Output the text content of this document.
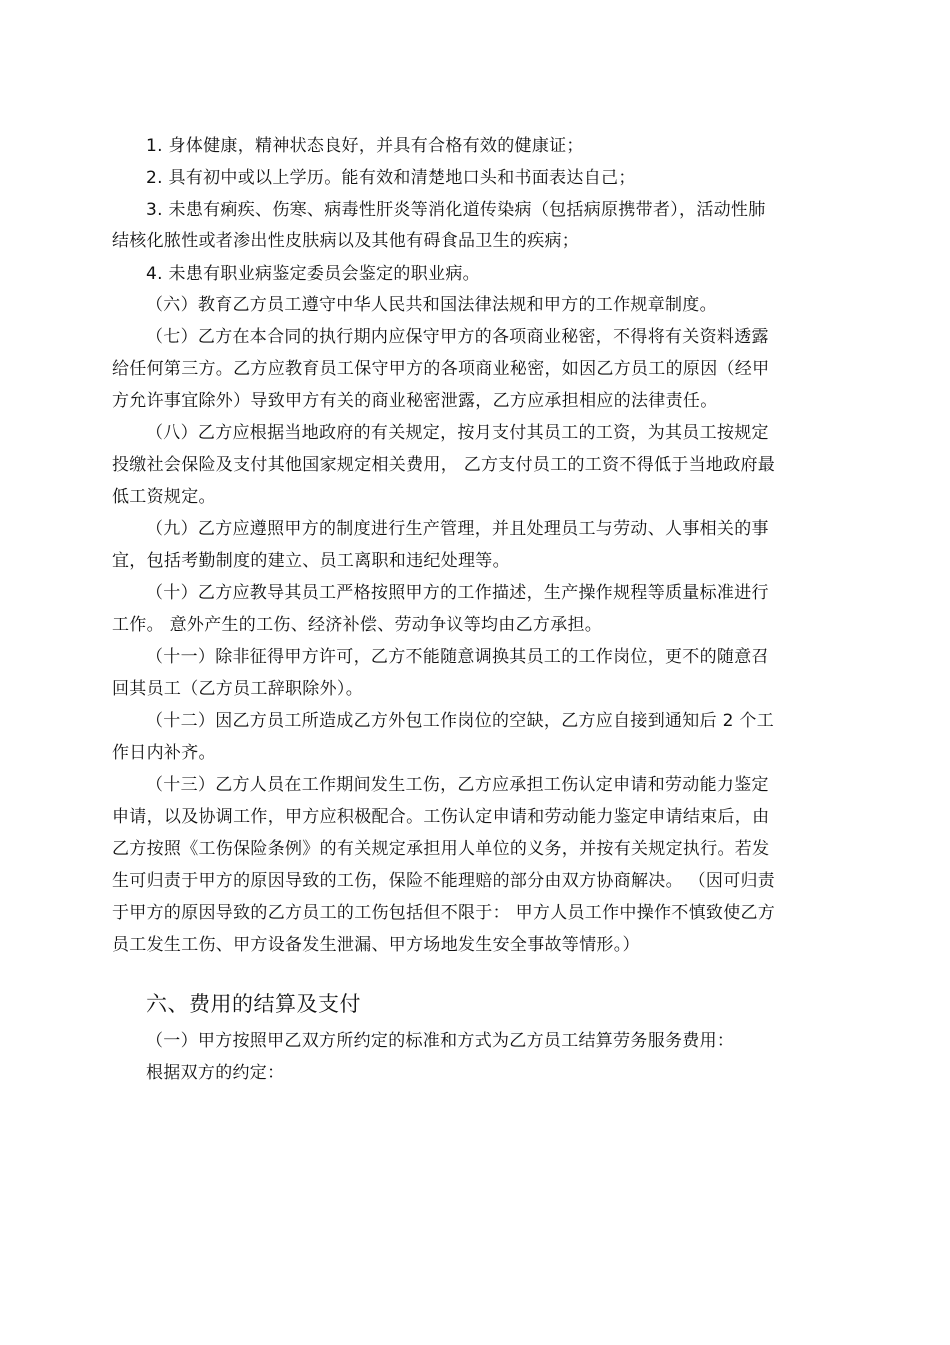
1. 身体健康，精神状态良好，并具有合格有效的健康证；
2. 具有初中或以上学历。能有效和清楚地口头和书面表达自己；
3. 未患有痢疾、伤寒、病毒性肝炎等消化道传染病（包括病原携带者），活动性肺
结核化脓性或者渗出性皮肤病以及其他有碍食品卫生的疾病；
4. 未患有职业病鉴定委员会鉴定的职业病。
（六）教育乙方员工遵守中华人民共和国法律法规和甲方的工作规章制度。
（七）乙方在本合同的执行期内应保守甲方的各项商业秘密，不得将有关资料透露
给任何第三方。乙方应教育员工保守甲方的各项商业秘密，如因乙方员工的原因（经甲
方允许事宜除外）导致甲方有关的商业秘密泄露，乙方应承担相应的法律责任。
（八）乙方应根据当地政府的有关规定，按月支付其员工的工资，为其员工按规定
投缴社会保险及支付其他国家规定相关费用， 乙方支付员工的工资不得低于当地政府最
低工资规定。
（九）乙方应遵照甲方的制度进行生产管理，并且处理员工与劳动、人事相关的事
宜，包括考勤制度的建立、员工离职和违纪处理等。
（十）乙方应教导其员工严格按照甲方的工作描述，生产操作规程等质量标准进行
工作。 意外产生的工伤、经济补偿、劳动争议等均由乙方承担。
（十一）除非征得甲方许可，乙方不能随意调换其员工的工作岗位，更不的随意召
回其员工（乙方员工辞职除外）。
（十二）因乙方员工所造成乙方外包工作岗位的空缺，乙方应自接到通知后 2 个工
作日内补齐。
（十三）乙方人员在工作期间发生工伤，乙方应承担工伤认定申请和劳动能力鉴定
申请，以及协调工作，甲方应积极配合。工伤认定申请和劳动能力鉴定申请结束后，由
乙方按照《工伤保险条例》的有关规定承担用人单位的义务，并按有关规定执行。若发
生可归责于甲方的原因导致的工伤，保险不能理赔的部分由双方协商解决。 （因可归责
于甲方的原因导致的乙方员工的工伤包括但不限于： 甲方人员工作中操作不慎致使乙方
员工发生工伤、甲方设备发生泄漏、甲方场地发生安全事故等情形。）
六、费用的结算及支付
（一）甲方按照甲乙双方所约定的标准和方式为乙方员工结算劳务服务费用：
根据双方的约定：
